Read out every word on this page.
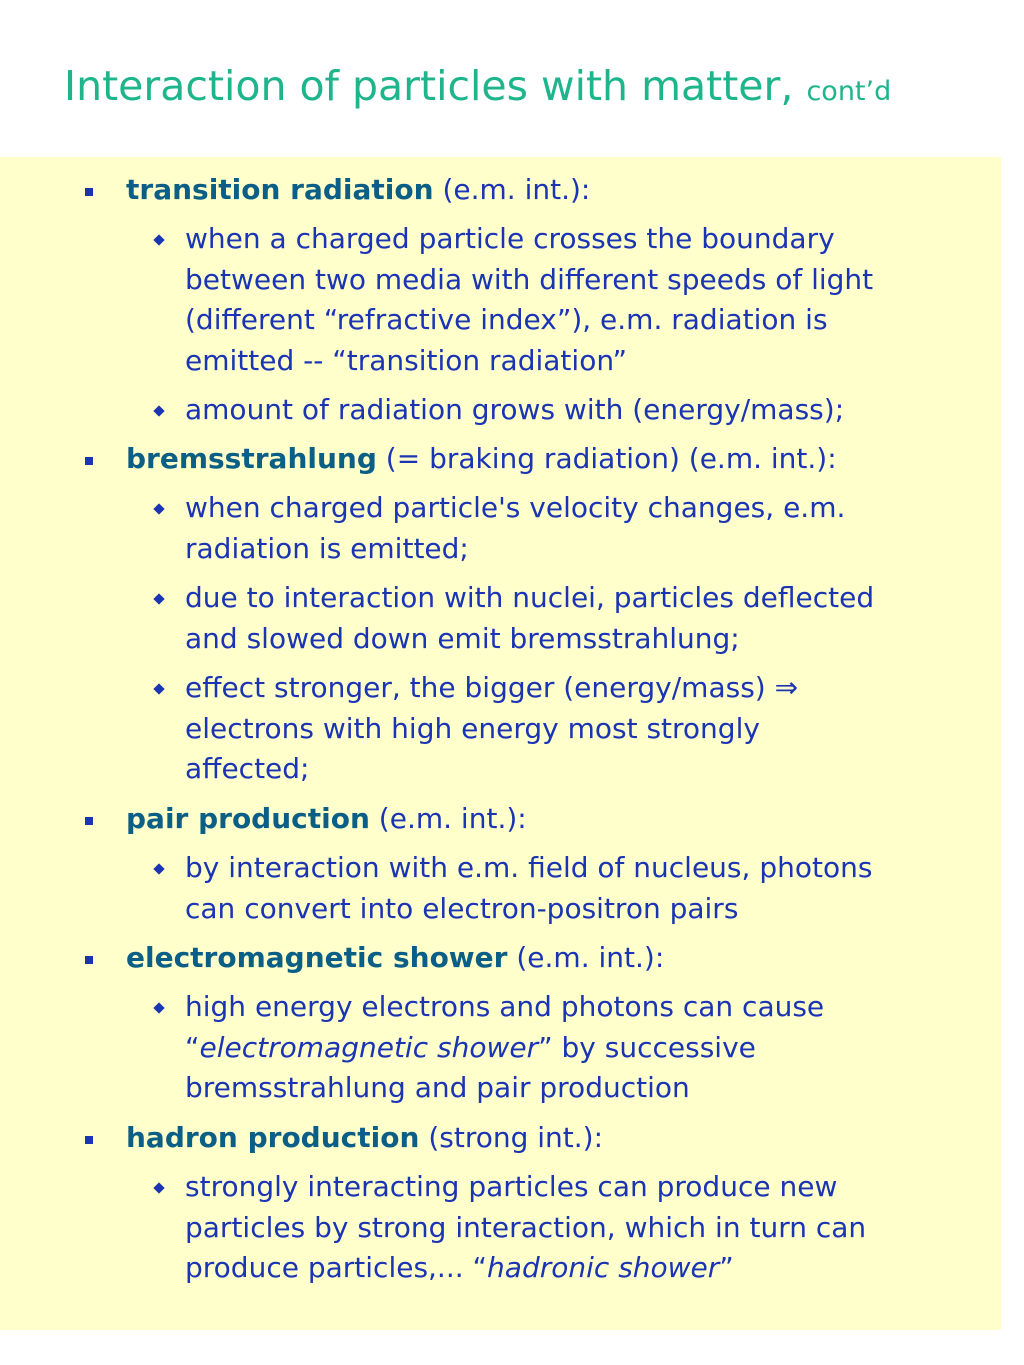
Interaction of particles with matter, cont’d
transition radiation (e.m. int.):
when a charged particle crosses the boundary
between two media with different speeds of light
(different “refractive index”), e.m. radiation is
emitted -- “transition radiation”
amount of radiation grows with (energy/mass);
bremsstrahlung (= braking radiation) (e.m. int.):
when charged particle's velocity changes, e.m.
radiation is emitted;
due to interaction with nuclei, particles deflected
and slowed down emit bremsstrahlung;
effect stronger, the bigger (energy/mass) ⇒
electrons with high energy most strongly
affected;
pair production (e.m. int.):
by interaction with e.m. field of nucleus, photons
can convert into electron-positron pairs
electromagnetic shower (e.m. int.):
high energy electrons and photons can cause
“electromagnetic shower” by successive
bremsstrahlung and pair production
hadron production (strong int.):
strongly interacting particles can produce new
particles by strong interaction, which in turn can
produce particles,... “hadronic shower”
